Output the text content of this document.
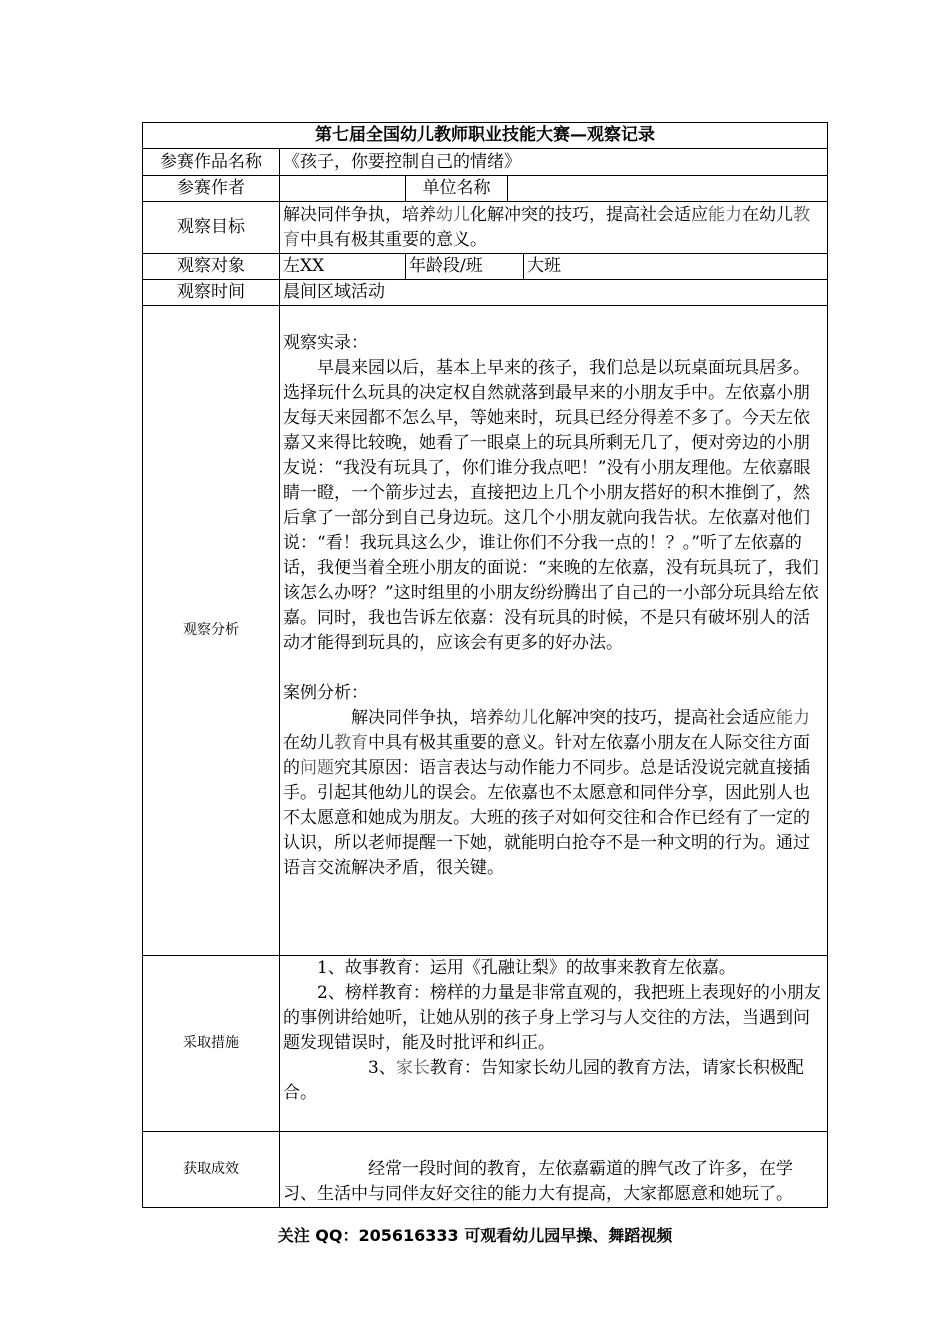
第七届全国幼儿教师职业技能大赛—观察记录				
参赛作品名称	《孩子，你要控制自己的情绪》			
参赛作者		单位名称		
观察目标	解决同伴争执，培养幼儿化解冲突的技巧，提高社会适应能力在幼儿教育中具有极其重要的意义。			
观察对象	左XX	年龄段/班		大班
观察时间	晨间区域活动			
观察分析	观察实录：

早晨来园以后，基本上早来的孩子，我们总是以玩桌面玩具居多。选择玩什么玩具的决定权自然就落到最早来的小朋友手中。左依嘉小朋友每天来园都不怎么早，等她来时，玩具已经分得差不多了。今天左依嘉又来得比较晚，她看了一眼桌上的玩具所剩无几了，便对旁边的小朋友说：“我没有玩具了，你们谁分我点吧！”没有小朋友理他。左依嘉眼睛一瞪，一个箭步过去，直接把边上几个小朋友搭好的积木推倒了，然后拿了一部分到自己身边玩。这几个小朋友就向我告状。左依嘉对他们说：“看！我玩具这么少，谁让你们不分我一点的！？。”听了左依嘉的话，我便当着全班小朋友的面说：“来晚的左依嘉，没有玩具玩了，我们该怎么办呀？”这时组里的小朋友纷纷腾出了自己的一小部分玩具给左依嘉。同时，我也告诉左依嘉：没有玩具的时候，不是只有破坏别人的活动才能得到玩具的，应该会有更多的好办法。

案例分析：

解决同伴争执，培养幼儿化解冲突的技巧，提高社会适应能力在幼儿教育中具有极其重要的意义。针对左依嘉小朋友在人际交往方面的问题究其原因：语言表达与动作能力不同步。总是话没说完就直接插手。引起其他幼儿的误会。左依嘉也不太愿意和同伴分享，因此别人也不太愿意和她成为朋友。大班的孩子对如何交往和合作已经有了一定的认识，所以老师提醒一下她，就能明白抢夺不是一种文明的行为。通过语言交流解决矛盾，很关键。			

采取措施	1、故事教育：运用《孔融让梨》的故事来教育左依嘉。

2、榜样教育：榜样的力量是非常直观的，我把班上表现好的小朋友的事例讲给她听，让她从别的孩子身上学习与人交往的方法，当遇到问题发现错误时，能及时批评和纠正。

3、家长教育：告知家长幼儿园的教育方法，请家长积极配合。			

获取成效	经常一段时间的教育，左依嘉霸道的脾气改了许多，在学习、生活中与同伴友好交往的能力大有提高，大家都愿意和她玩了。			

关注 QQ：205616333 可观看幼儿园早操、舞蹈视频
